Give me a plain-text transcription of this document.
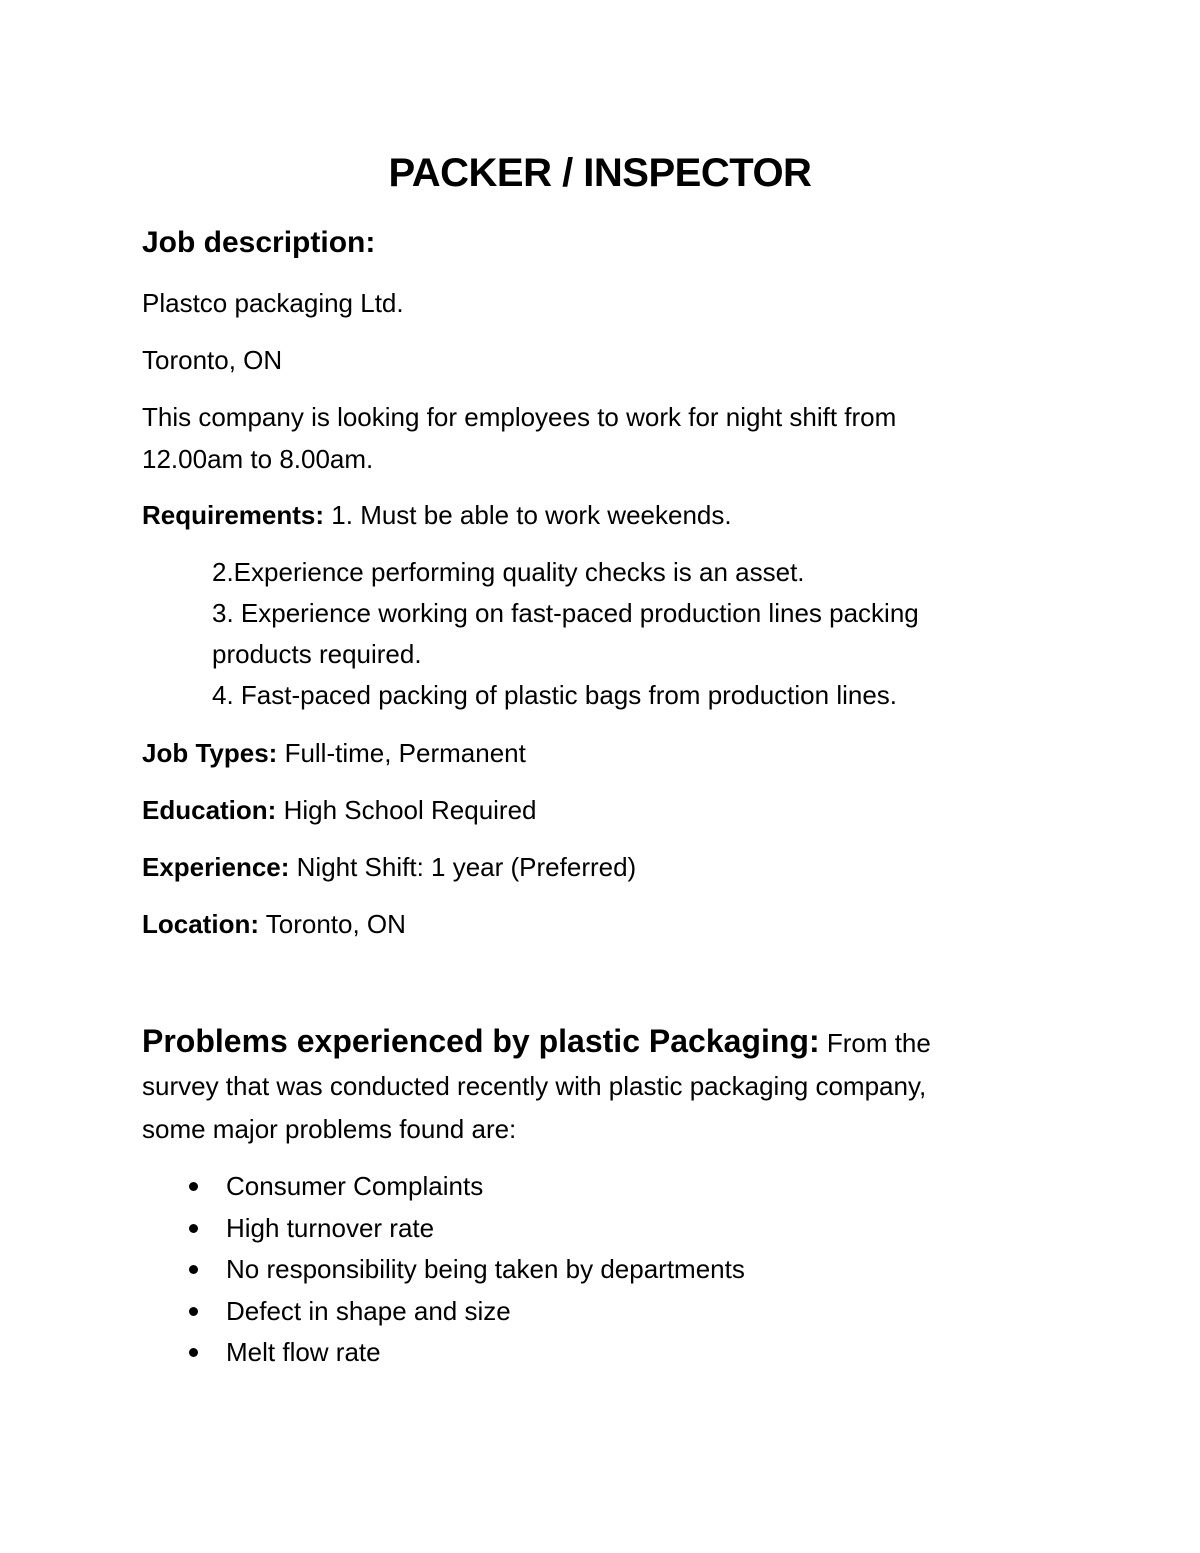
PACKER / INSPECTOR
Job description:
Plastco packaging Ltd.
Toronto, ON
This company is looking for employees to work for night shift from
12.00am to 8.00am.
Requirements: 1. Must be able to work weekends.
2.Experience performing quality checks is an asset.
3. Experience working on fast-paced production lines packing
products required.
4. Fast-paced packing of plastic bags from production lines.
Job Types: Full-time, Permanent
Education: High School Required
Experience: Night Shift: 1 year (Preferred)
Location: Toronto, ON
Problems experienced by plastic Packaging: From the
survey that was conducted recently with plastic packaging company,
some major problems found are:
Consumer Complaints
High turnover rate
No responsibility being taken by departments
Defect in shape and size
Melt flow rate
